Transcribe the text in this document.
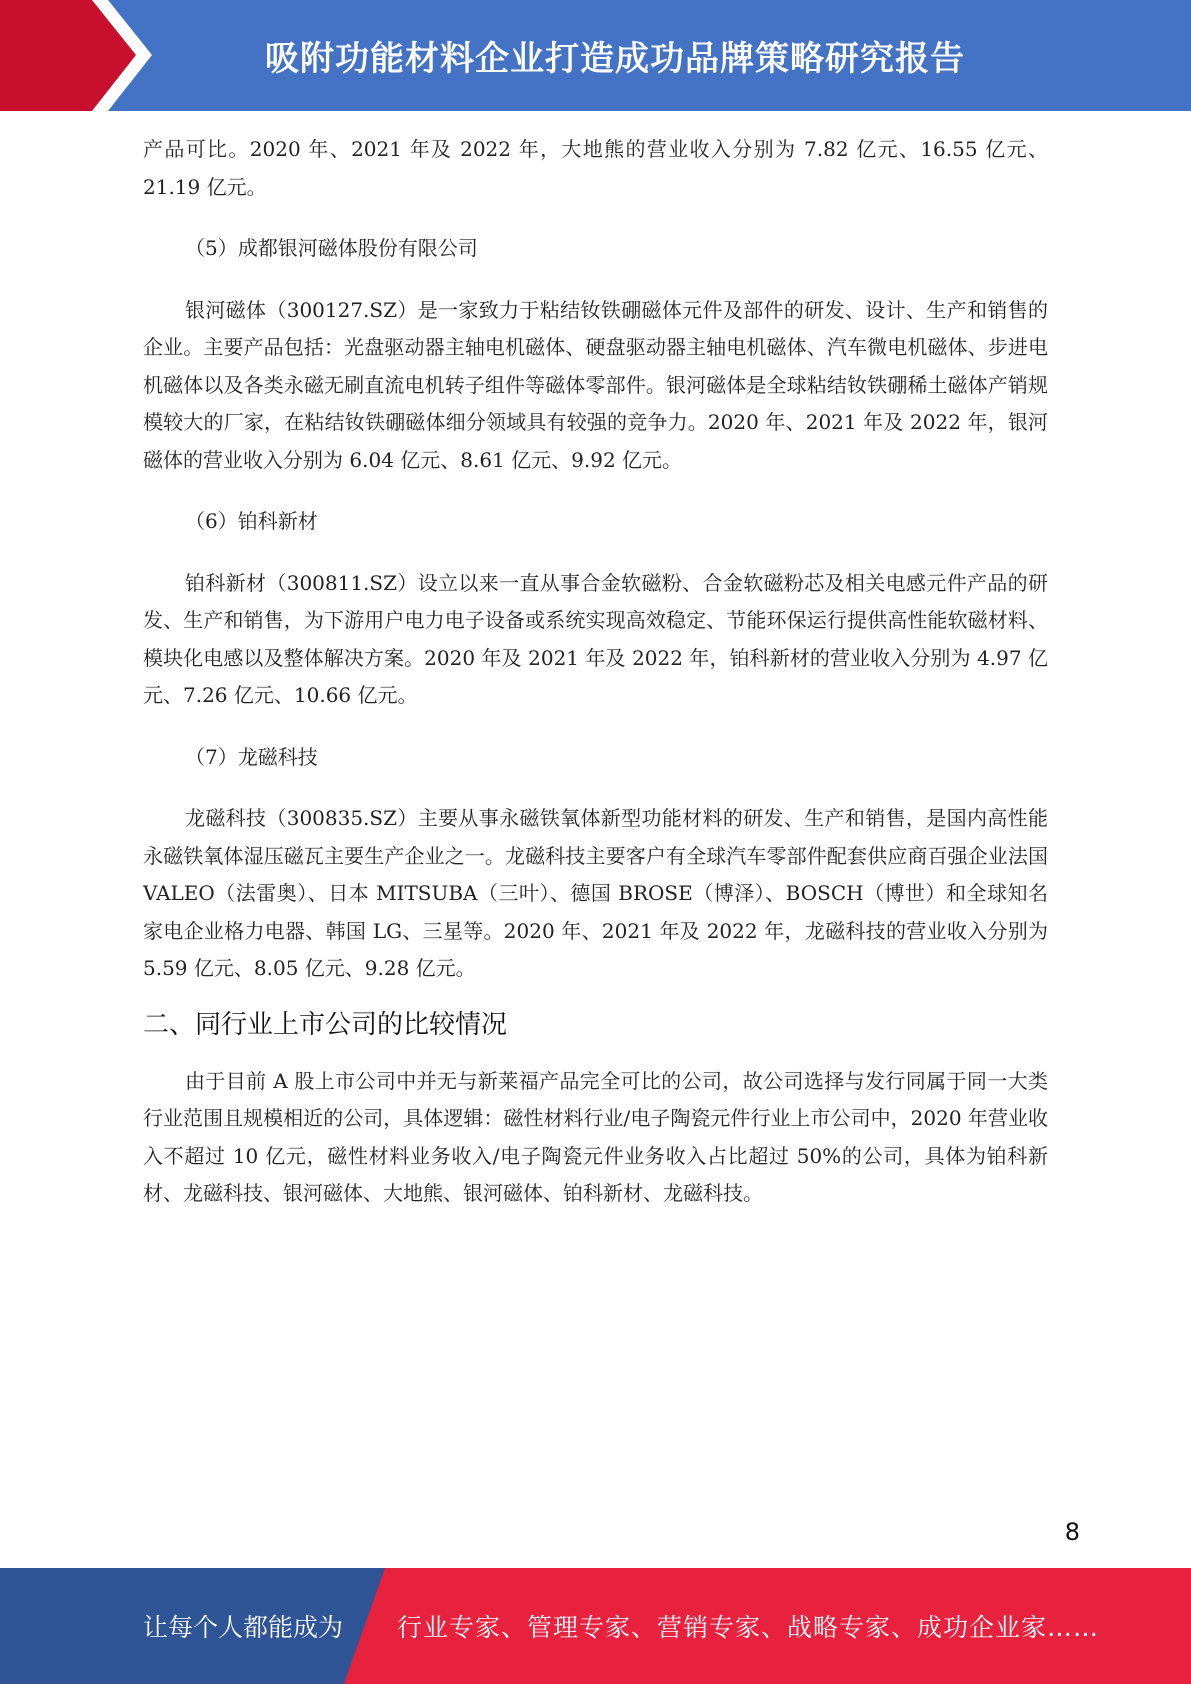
吸附功能材料企业打造成功品牌策略研究报告

产品可比。2020 年、2021 年及 2022 年，大地熊的营业收入分别为 7.82 亿元、16.55 亿元、21.19 亿元。

（5）成都银河磁体股份有限公司

银河磁体（300127.SZ）是一家致力于粘结钕铁硼磁体元件及部件的研发、设计、生产和销售的企业。主要产品包括：光盘驱动器主轴电机磁体、硬盘驱动器主轴电机磁体、汽车微电机磁体、步进电机磁体以及各类永磁无刷直流电机转子组件等磁体零部件。银河磁体是全球粘结钕铁硼稀土磁体产销规模较大的厂家，在粘结钕铁硼磁体细分领域具有较强的竞争力。2020 年、2021 年及 2022 年，银河磁体的营业收入分别为 6.04 亿元、8.61 亿元、9.92 亿元。

（6）铂科新材

铂科新材（300811.SZ）设立以来一直从事合金软磁粉、合金软磁粉芯及相关电感元件产品的研发、生产和销售，为下游用户电力电子设备或系统实现高效稳定、节能环保运行提供高性能软磁材料、模块化电感以及整体解决方案。2020 年及 2021 年及 2022 年，铂科新材的营业收入分别为 4.97 亿元、7.26 亿元、10.66 亿元。

（7）龙磁科技

龙磁科技（300835.SZ）主要从事永磁铁氧体新型功能材料的研发、生产和销售，是国内高性能永磁铁氧体湿压磁瓦主要生产企业之一。龙磁科技主要客户有全球汽车零部件配套供应商百强企业法国 VALEO（法雷奥）、日本 MITSUBA（三叶）、德国 BROSE（博泽）、BOSCH（博世）和全球知名家电企业格力电器、韩国 LG、三星等。2020 年、2021 年及 2022 年，龙磁科技的营业收入分别为 5.59 亿元、8.05 亿元、9.28 亿元。

二、同行业上市公司的比较情况

由于目前 A 股上市公司中并无与新莱福产品完全可比的公司，故公司选择与发行同属于同一大类行业范围且规模相近的公司，具体逻辑：磁性材料行业/电子陶瓷元件行业上市公司中，2020 年营业收入不超过 10 亿元，磁性材料业务收入/电子陶瓷元件业务收入占比超过 50%的公司，具体为铂科新材、龙磁科技、银河磁体、大地熊、银河磁体、铂科新材、龙磁科技。

8
让每个人都能成为 行业专家、管理专家、营销专家、战略专家、成功企业家……
